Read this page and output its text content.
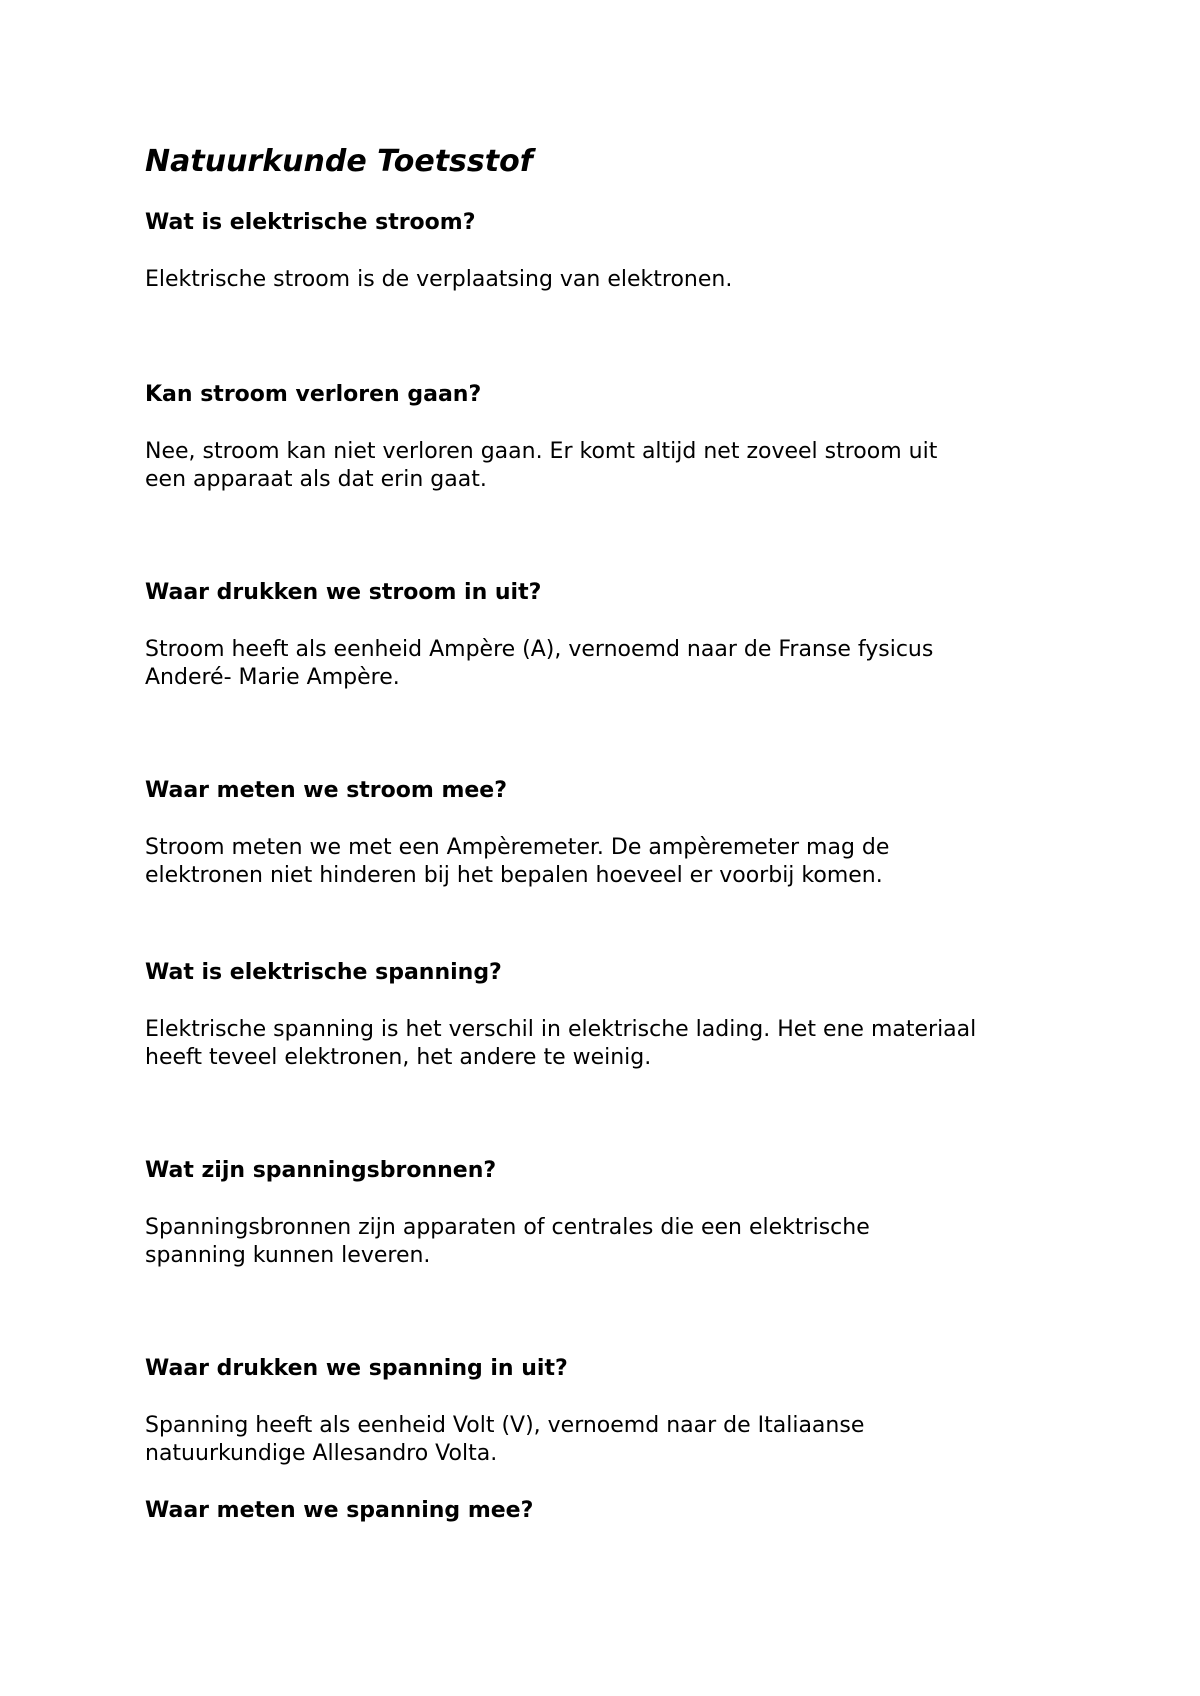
Natuurkunde Toetsstof
Wat is elektrische stroom?

Elektrische stroom is de verplaatsing van elektronen.

Kan stroom verloren gaan?

Nee, stroom kan niet verloren gaan. Er komt altijd net zoveel stroom uit
een apparaat als dat erin gaat.

Waar drukken we stroom in uit?

Stroom heeft als eenheid Ampère (A), vernoemd naar de Franse fysicus
Anderé- Marie Ampère.

Waar meten we stroom mee?

Stroom meten we met een Ampèremeter. De ampèremeter mag de
elektronen niet hinderen bij het bepalen hoeveel er voorbij komen.

Wat is elektrische spanning?

Elektrische spanning is het verschil in elektrische lading. Het ene materiaal
heeft teveel elektronen, het andere te weinig.

Wat zijn spanningsbronnen?

Spanningsbronnen zijn apparaten of centrales die een elektrische
spanning kunnen leveren.

Waar drukken we spanning in uit?

Spanning heeft als eenheid Volt (V), vernoemd naar de Italiaanse
natuurkundige Allesandro Volta.

Waar meten we spanning mee?
